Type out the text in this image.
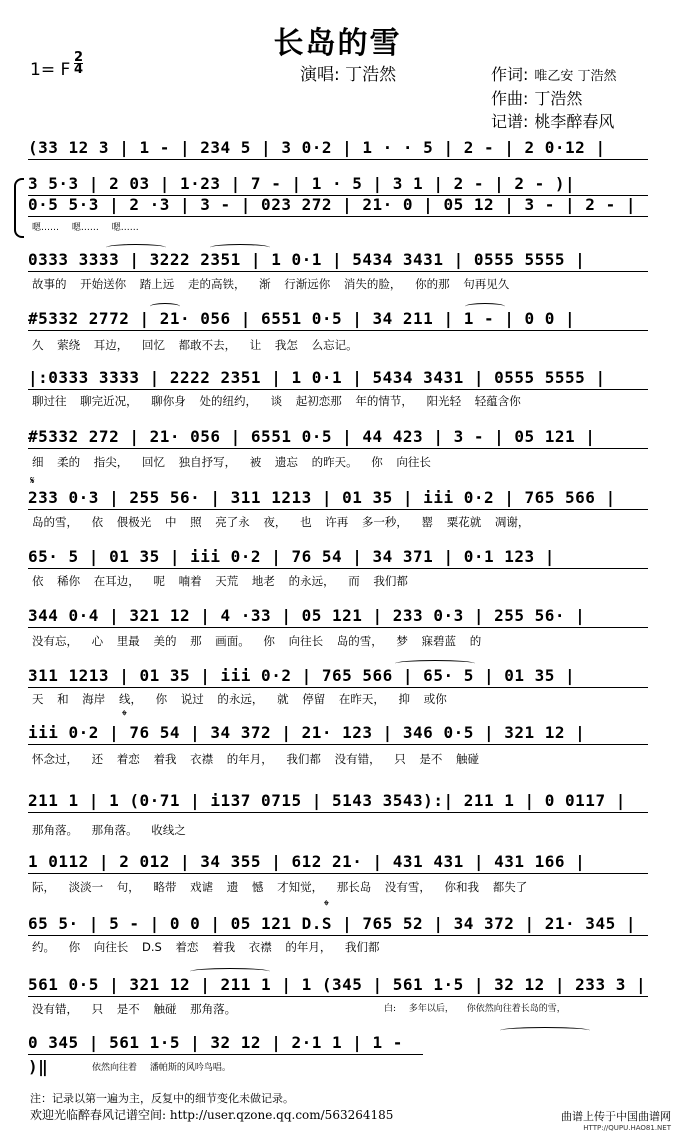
长岛的雪
1= F
2
4	演唱: 丁浩然	作词: 唯乙安 丁浩然
作曲: 丁浩然
记谱: 桃李醉春风
(33 12 3 | 1 - | 234 5 | 3 0·2 | 1 · · 5 | 2 - | 2 0·12 |
3 5·3 | 2 03 | 1·23 | 7 - | 1 · 5 | 3 1 | 2 - | 2 - )|
0·5 5·3 | 2 ·3 | 3 - | 023 272 | 21· 0 | 05 12 | 3 - | 2 - |
嗯…… 嗯…… 嗯……
0333 3333 | 3222 2351 | 1 0·1 | 5434 3431 | 0555 5555 |
故事的 开始送你 踏上远 走的高铁， 渐 行渐远你 消失的脸， 你的那 句再见久
#5332 2772 | 21· 056 | 6551 0·5 | 34 211 | 1 - | 0 0 |
久 萦绕 耳边， 回忆 都敢不去， 让 我怎 么忘记。
|:0333 3333 | 2222 2351 | 1 0·1 | 5434 3431 | 0555 5555 |
聊过往 聊完近况， 聊你身 处的纽约， 谈 起初恋那 年的情节， 阳光轻 轻蕴含你
#5332 272 | 21· 056 | 6551 0·5 | 44 423 | 3 - | 05 121 |
细 柔的 指尖， 回忆 独自抒写， 被 遗忘 的昨天。 你 向往长
𝄋
233 0·3 | 255 56· | 311 1213 | 01 35 | iii 0·2 | 765 566 |
岛的雪， 依 偎极光 中 照 亮了永 夜， 也 许再 多一秒， 罂 粟花就 凋谢，
65· 5 | 01 35 | iii 0·2 | 76 54 | 34 371 | 0·1 123 |
依 稀你 在耳边， 呢 喃着 天荒 地老 的永远， 而 我们都
344 0·4 | 321 12 | 4 ·33 | 05 121 | 233 0·3 | 255 56· |
没有忘， 心 里最 美的 那 画面。 你 向往长 岛的雪， 梦 寐碧蓝 的
311 1213 | 01 35 | iii 0·2 | 765 566 | 65· 5 | 01 35 |
天 和 海岸 线， 你 说过 的永远， 就 停留 在昨天， 抑 或你
𝄌
iii 0·2 | 76 54 | 34 372 | 21· 123 | 346 0·5 | 321 12 |
怀念过， 还 着恋 着我 衣襟 的年月， 我们都 没有错， 只 是不 触碰
211 1 | 1 (0·71 | i137 0715 | 5143 3543):| 211 1 | 0 0117 |
那角落。 那角落。 收线之
1 0112 | 2 012 | 34 355 | 612 21· | 431 431 | 431 166 |
际， 淡淡一 句， 略带 戏谑 遗 憾 才知觉， 那长岛 没有雪， 你和我 都失了
𝄌
65 5· | 5 - | 0 0 | 05 121 D.S | 765 52 | 34 372 | 21· 345 |
约。 你 向往长 D.S 着恋 着我 衣襟 的年月， 我们都
561 0·5 | 321 12 | 211 1 | 1 (345 | 561 1·5 | 32 12 | 233 3 |
没有错， 只 是不 触碰 那角落。	白: 多年以后， 你依然向往着长岛的雪，
0 345 | 561 1·5 | 32 12 | 2·1 1 | 1 - )‖	依然向往着 潘帕斯的风吟鸟唱。
注：记录以第一遍为主，反复中的细节变化未做记录。
欢迎光临醉春风记谱空间: http://user.qzone.qq.com/563264185	曲谱上传于中国曲谱网
HTTP://QUPU.HAO81.NET
